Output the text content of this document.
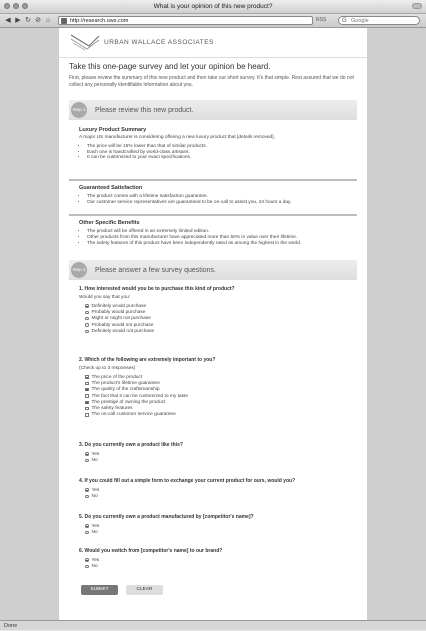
What is your opinion of this new product?
◀ ▶ ↻ ⊘ ⌂	http://research.uws.com	RSS	G Google
URBAN WALLACE ASSOCIATES
Take this one-page survey and let your opinion be heard.

First, please review the summary of this new product and then take our short survey. It's that simple. Rest assured that we do not collect any personally identifiable information about you.

Step 1 Please review this new product.
Luxury Product Summary

A major US manufacturer is considering offering a new luxury product that [details removed].

• The price will be 15% lower than that of similar products.
• Each one is handcrafted by world-class artisans.
• It can be customized to your exact specifications.
Guaranteed Satisfaction
• The product comes with a lifetime satisfaction guarantee.
• Our customer service representatives are guaranteed to be on-call to assist you, 24 hours a day.
Other Specific Benefits
• The product will be offered in an extremely limited edition.
• Other products from this manufacturer have appreciated more than 50% in value over their lifetime.
• The safety features of this product have been independently rated as among the highest in the world.
Step 2 Please answer a few survey questions.
1. How interested would you be to purchase this kind of product?
Would you say that you:
Definitely would purchase
Probably would purchase
Might or might not purchase
Probably would not purchase
Definitely would not purchase
2. Which of the following are extremely important to you?
(Check up to 3 responses)
The price of the product
The product's lifetime guarantee
The quality of the craftsmanship
The fact that it can be customized to my taste
The prestige of owning the product
The safety features
The on-call customer service guarantee
3. Do you currently own a product like this?
Yes
No
4. If you could fill out a simple form to exchange your current product for ours, would you?
Yes
No
5. Do you currently own a product manufactured by [competitor's name]?
Yes
No
6. Would you switch from [competitor's name] to our brand?
Yes
No
SUBMIT	CLEAR
Done
